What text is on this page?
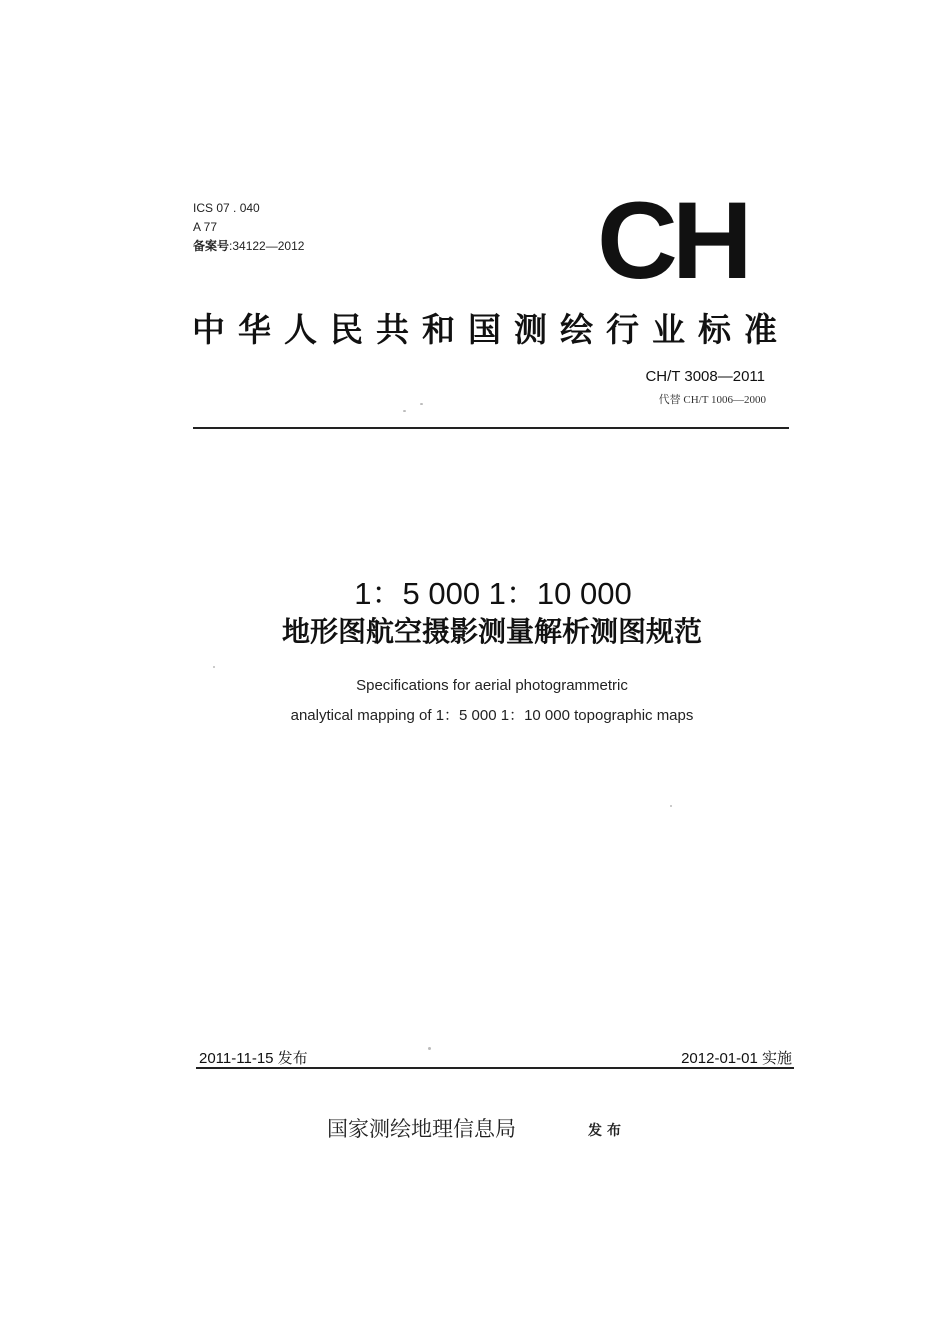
ICS 07 . 040
A 77
备案号:34122—2012	CH
中华人民共和国测绘行业标准
CH/T 3008—2011
代替 CH/T 1006—2000
1：5 000 1：10 000
地形图航空摄影测量解析测图规范
Specifications for aerial photogrammetric
analytical mapping of 1：5 000 1：10 000 topographic maps
2011-11-15 发布	2012-01-01 实施
国家测绘地理信息局	发布
